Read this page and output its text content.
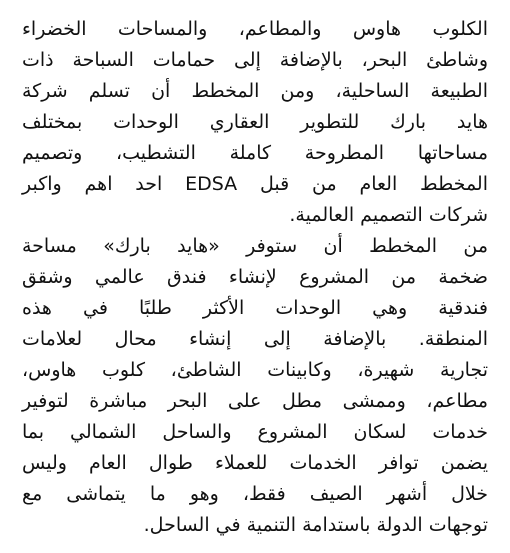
الكلوب هاوس والمطاعم، والمساحات الخضراء
وشاطئ البحر، بالإضافة إلى حمامات السباحة ذات
الطبيعة الساحلية، ومن المخطط أن تسلم شركة
هايد بارك للتطوير العقاري الوحدات بمختلف
مساحاتها المطروحة كاملة التشطيب، وتصميم
المخطط العام من قبل EDSA احد اهم واكبر
شركات التصميم العالمية.

من المخطط أن ستوفر «هايد بارك» مساحة
ضخمة من المشروع لإنشاء فندق عالمي وشقق
فندقية وهي الوحدات الأكثر طلبًا في هذه
المنطقة. بالإضافة إلى إنشاء محال لعلامات
تجارية شهيرة، وكابينات الشاطئ، كلوب هاوس،
مطاعم، وممشى مطل على البحر مباشرة لتوفير
خدمات لسكان المشروع والساحل الشمالي بما
يضمن توافر الخدمات للعملاء طوال العام وليس
خلال أشهر الصيف فقط، وهو ما يتماشى مع
توجهات الدولة باستدامة التنمية في الساحل.
